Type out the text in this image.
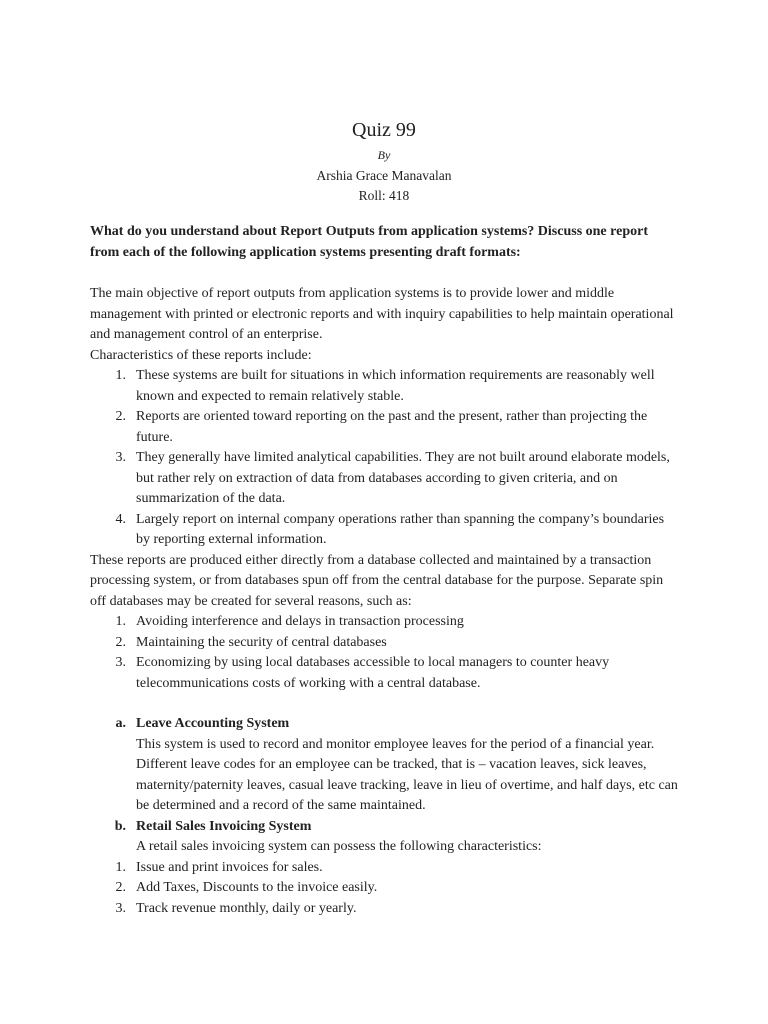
Quiz 99
By
Arshia Grace Manavalan
Roll: 418
What do you understand about Report Outputs from application systems? Discuss one report from each of the following application systems presenting draft formats:

The main objective of report outputs from application systems is to provide lower and middle management with printed or electronic reports and with inquiry capabilities to help maintain operational and management control of an enterprise.

Characteristics of these reports include:

1. These systems are built for situations in which information requirements are reasonably well known and expected to remain relatively stable.
2. Reports are oriented toward reporting on the past and the present, rather than projecting the future.
3. They generally have limited analytical capabilities. They are not built around elaborate models, but rather rely on extraction of data from databases according to given criteria, and on summarization of the data.
4. Largely report on internal company operations rather than spanning the company’s boundaries by reporting external information.

These reports are produced either directly from a database collected and maintained by a transaction processing system, or from databases spun off from the central database for the purpose. Separate spin off databases may be created for several reasons, such as:

1. Avoiding interference and delays in transaction processing
2. Maintaining the security of central databases
3. Economizing by using local databases accessible to local managers to counter heavy telecommunications costs of working with a central database.
a. Leave Accounting System

This system is used to record and monitor employee leaves for the period of a financial year. Different leave codes for an employee can be tracked, that is – vacation leaves, sick leaves, maternity/paternity leaves, casual leave tracking, leave in lieu of overtime, and half days, etc can be determined and a record of the same maintained.

b. Retail Sales Invoicing System

A retail sales invoicing system can possess the following characteristics:

1. Issue and print invoices for sales.
2. Add Taxes, Discounts to the invoice easily.
3. Track revenue monthly, daily or yearly.
